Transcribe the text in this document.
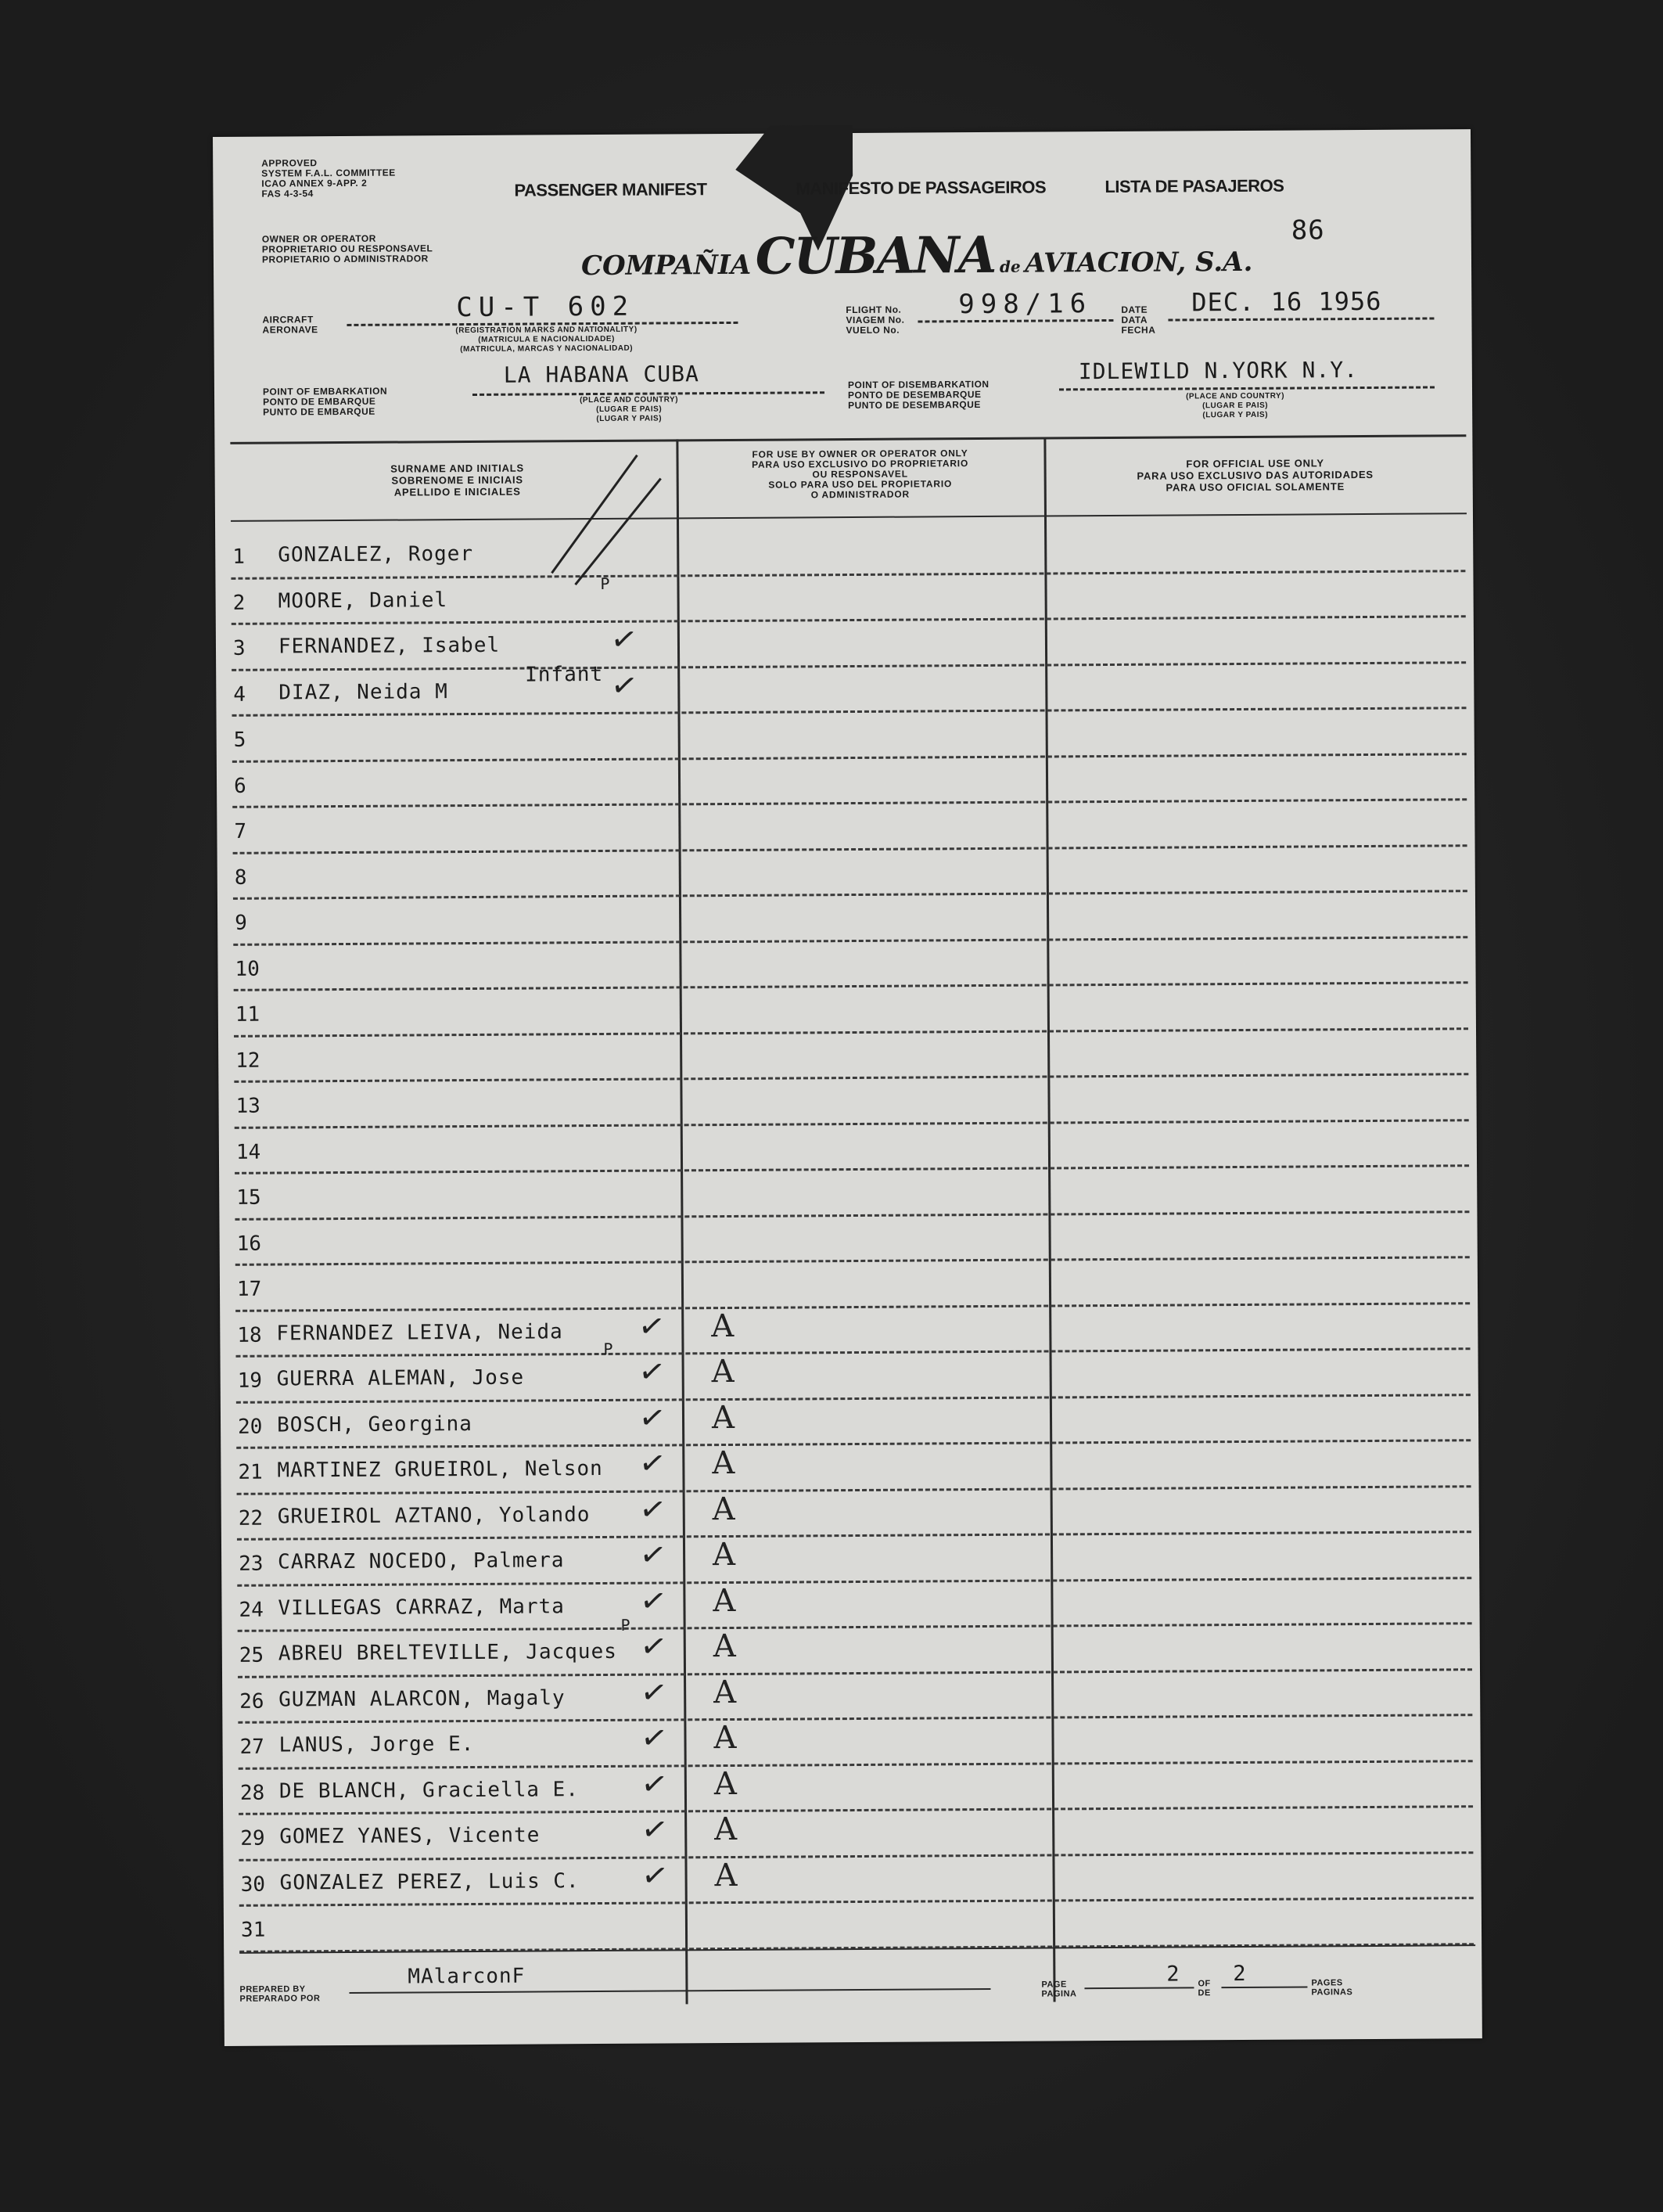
APPROVED
SYSTEM F.A.L. COMMITTEE
ICAO ANNEX 9-APP. 2
FAS 4-3-54	PASSENGER MANIFEST	MANIFESTO DE PASSAGEIROS	LISTA DE PASAJEROS
86
OWNER OR OPERATOR
PROPRIETARIO OU RESPONSAVEL
PROPIETARIO O ADMINISTRADOR	COMPAÑIA CUBANA de AVIACION, S.A.
AIRCRAFT
AERONAVE
CU-T 602
(REGISTRATION MARKS AND NATIONALITY)
(MATRICULA E NACIONALIDADE)
(MATRICULA, MARCAS Y NACIONALIDAD)
FLIGHT No.
VIAGEM No.
VUELO No.
998/16	DATE
DATA
FECHA
DEC. 16 1956
POINT OF EMBARKATION
PONTO DE EMBARQUE
PUNTO DE EMBARQUE
LA HABANA CUBA
(PLACE AND COUNTRY)
(LUGAR E PAIS)
(LUGAR Y PAIS)
POINT OF DISEMBARKATION
PONTO DE DESEMBARQUE
PUNTO DE DESEMBARQUE
IDLEWILD N.YORK N.Y.
(PLACE AND COUNTRY)
(LUGAR E PAIS)
(LUGAR Y PAIS)
SURNAME AND INITIALS
SOBRENOME E INICIAIS
APELLIDO E INICIALES
FOR USE BY OWNER OR OPERATOR ONLY
PARA USO EXCLUSIVO DO PROPRIETARIO
OU RESPONSAVEL
SOLO PARA USO DEL PROPIETARIO
O ADMINISTRADOR
FOR OFFICIAL USE ONLY
PARA USO EXCLUSIVO DAS AUTORIDADES
PARA USO OFICIAL SOLAMENTE
1	GONZALEZ, Roger
2	MOORE, Daniel
3	FERNANDEZ, Isabel	✓
4	DIAZ, Neida M	✓
5
6
7
8
9
10
11
12
13
14
15
16
17
18 FERNANDEZ LEIVA, Neida ✓ A
19 GUERRA ALEMAN, Jose	✓ A
20 BOSCH, Georgina	✓ A
21 MARTINEZ GRUEIROL, Nelson ✓ A
22 GRUEIROL AZTANO, Yolando ✓ A
23 CARRAZ NOCEDO, Palmera ✓ A
24 VILLEGAS CARRAZ, Marta ✓ A
25 ABREU BRELTEVILLE, Jacques ✓ A
26 GUZMAN ALARCON, Magaly ✓ A
27 LANUS, Jorge E.	✓ A
28 DE BLANCH, Graciella E. ✓ A
29 GOMEZ YANES, Vicente	✓ A
30 GONZALEZ PEREZ, Luis C. ✓ A
31
Infant
P
P
P
PREPARED BY
PREPARADO POR
MAlarconF	PAGE
PAGINA
2 OF
DE
2	PAGES
PAGINAS
